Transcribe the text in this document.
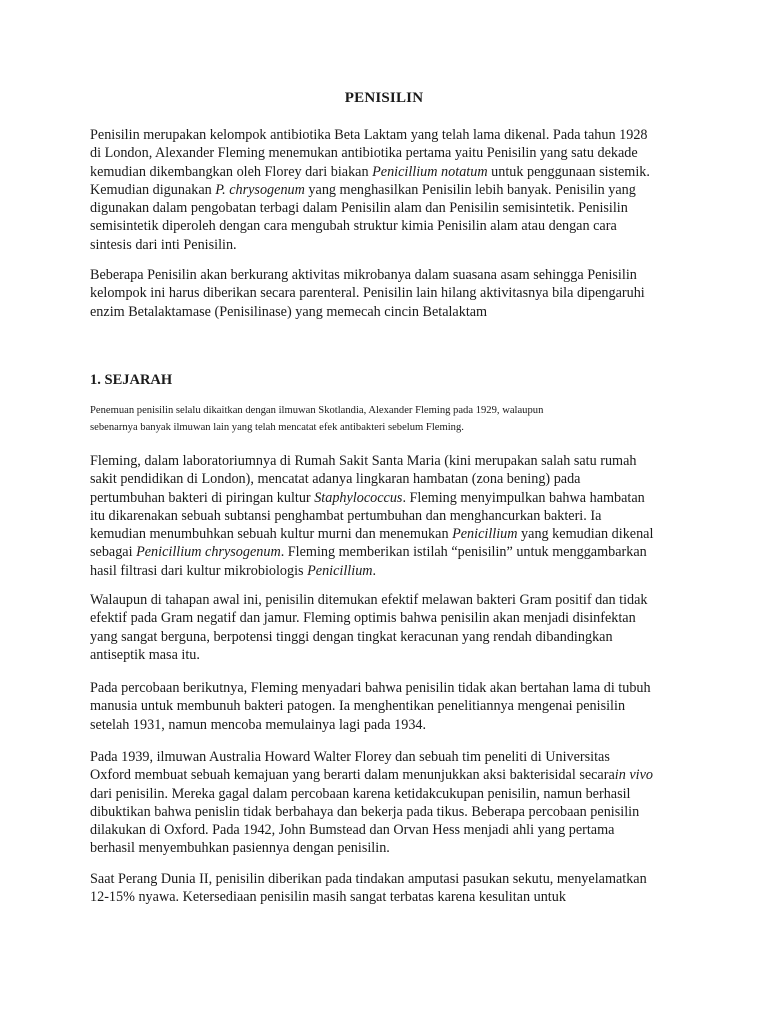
PENISILIN
Penisilin merupakan kelompok antibiotika Beta Laktam yang telah lama dikenal. Pada tahun 1928
di London, Alexander Fleming menemukan antibiotika pertama yaitu Penisilin yang satu dekade
kemudian dikembangkan oleh Florey dari biakan Penicillium notatum untuk penggunaan sistemik.
Kemudian digunakan P. chrysogenum yang menghasilkan Penisilin lebih banyak. Penisilin yang
digunakan dalam pengobatan terbagi dalam Penisilin alam dan Penisilin semisintetik. Penisilin
semisintetik diperoleh dengan cara mengubah struktur kimia Penisilin alam atau dengan cara
sintesis dari inti Penisilin.
Beberapa Penisilin akan berkurang aktivitas mikrobanya dalam suasana asam sehingga Penisilin
kelompok ini harus diberikan secara parenteral. Penisilin lain hilang aktivitasnya bila dipengaruhi
enzim Betalaktamase (Penisilinase) yang memecah cincin Betalaktam
1. SEJARAH
Penemuan penisilin selalu dikaitkan dengan ilmuwan Skotlandia, Alexander Fleming pada 1929, walaupun
sebenarnya banyak ilmuwan lain yang telah mencatat efek antibakteri sebelum Fleming.
Fleming, dalam laboratoriumnya di Rumah Sakit Santa Maria (kini merupakan salah satu rumah
sakit pendidikan di London), mencatat adanya lingkaran hambatan (zona bening) pada
pertumbuhan bakteri di piringan kultur Staphylococcus. Fleming menyimpulkan bahwa hambatan
itu dikarenakan sebuah subtansi penghambat pertumbuhan dan menghancurkan bakteri. Ia
kemudian menumbuhkan sebuah kultur murni dan menemukan Penicillium yang kemudian dikenal
sebagai Penicillium chrysogenum. Fleming memberikan istilah “penisilin” untuk menggambarkan
hasil filtrasi dari kultur mikrobiologis Penicillium.
Walaupun di tahapan awal ini, penisilin ditemukan efektif melawan bakteri Gram positif dan tidak
efektif pada Gram negatif dan jamur. Fleming optimis bahwa penisilin akan menjadi disinfektan
yang sangat berguna, berpotensi tinggi dengan tingkat keracunan yang rendah dibandingkan
antiseptik masa itu.
Pada percobaan berikutnya, Fleming menyadari bahwa penisilin tidak akan bertahan lama di tubuh
manusia untuk membunuh bakteri patogen. Ia menghentikan penelitiannya mengenai penisilin
setelah 1931, namun mencoba memulainya lagi pada 1934.
Pada 1939, ilmuwan Australia Howard Walter Florey dan sebuah tim peneliti di Universitas
Oxford membuat sebuah kemajuan yang berarti dalam menunjukkan aksi bakterisidal secarain vivo
dari penisilin. Mereka gagal dalam percobaan karena ketidakcukupan penisilin, namun berhasil
dibuktikan bahwa penislin tidak berbahaya dan bekerja pada tikus. Beberapa percobaan penisilin
dilakukan di Oxford. Pada 1942, John Bumstead dan Orvan Hess menjadi ahli yang pertama
berhasil menyembuhkan pasiennya dengan penisilin.
Saat Perang Dunia II, penisilin diberikan pada tindakan amputasi pasukan sekutu, menyelamatkan
12-15% nyawa. Ketersediaan penisilin masih sangat terbatas karena kesulitan untuk
